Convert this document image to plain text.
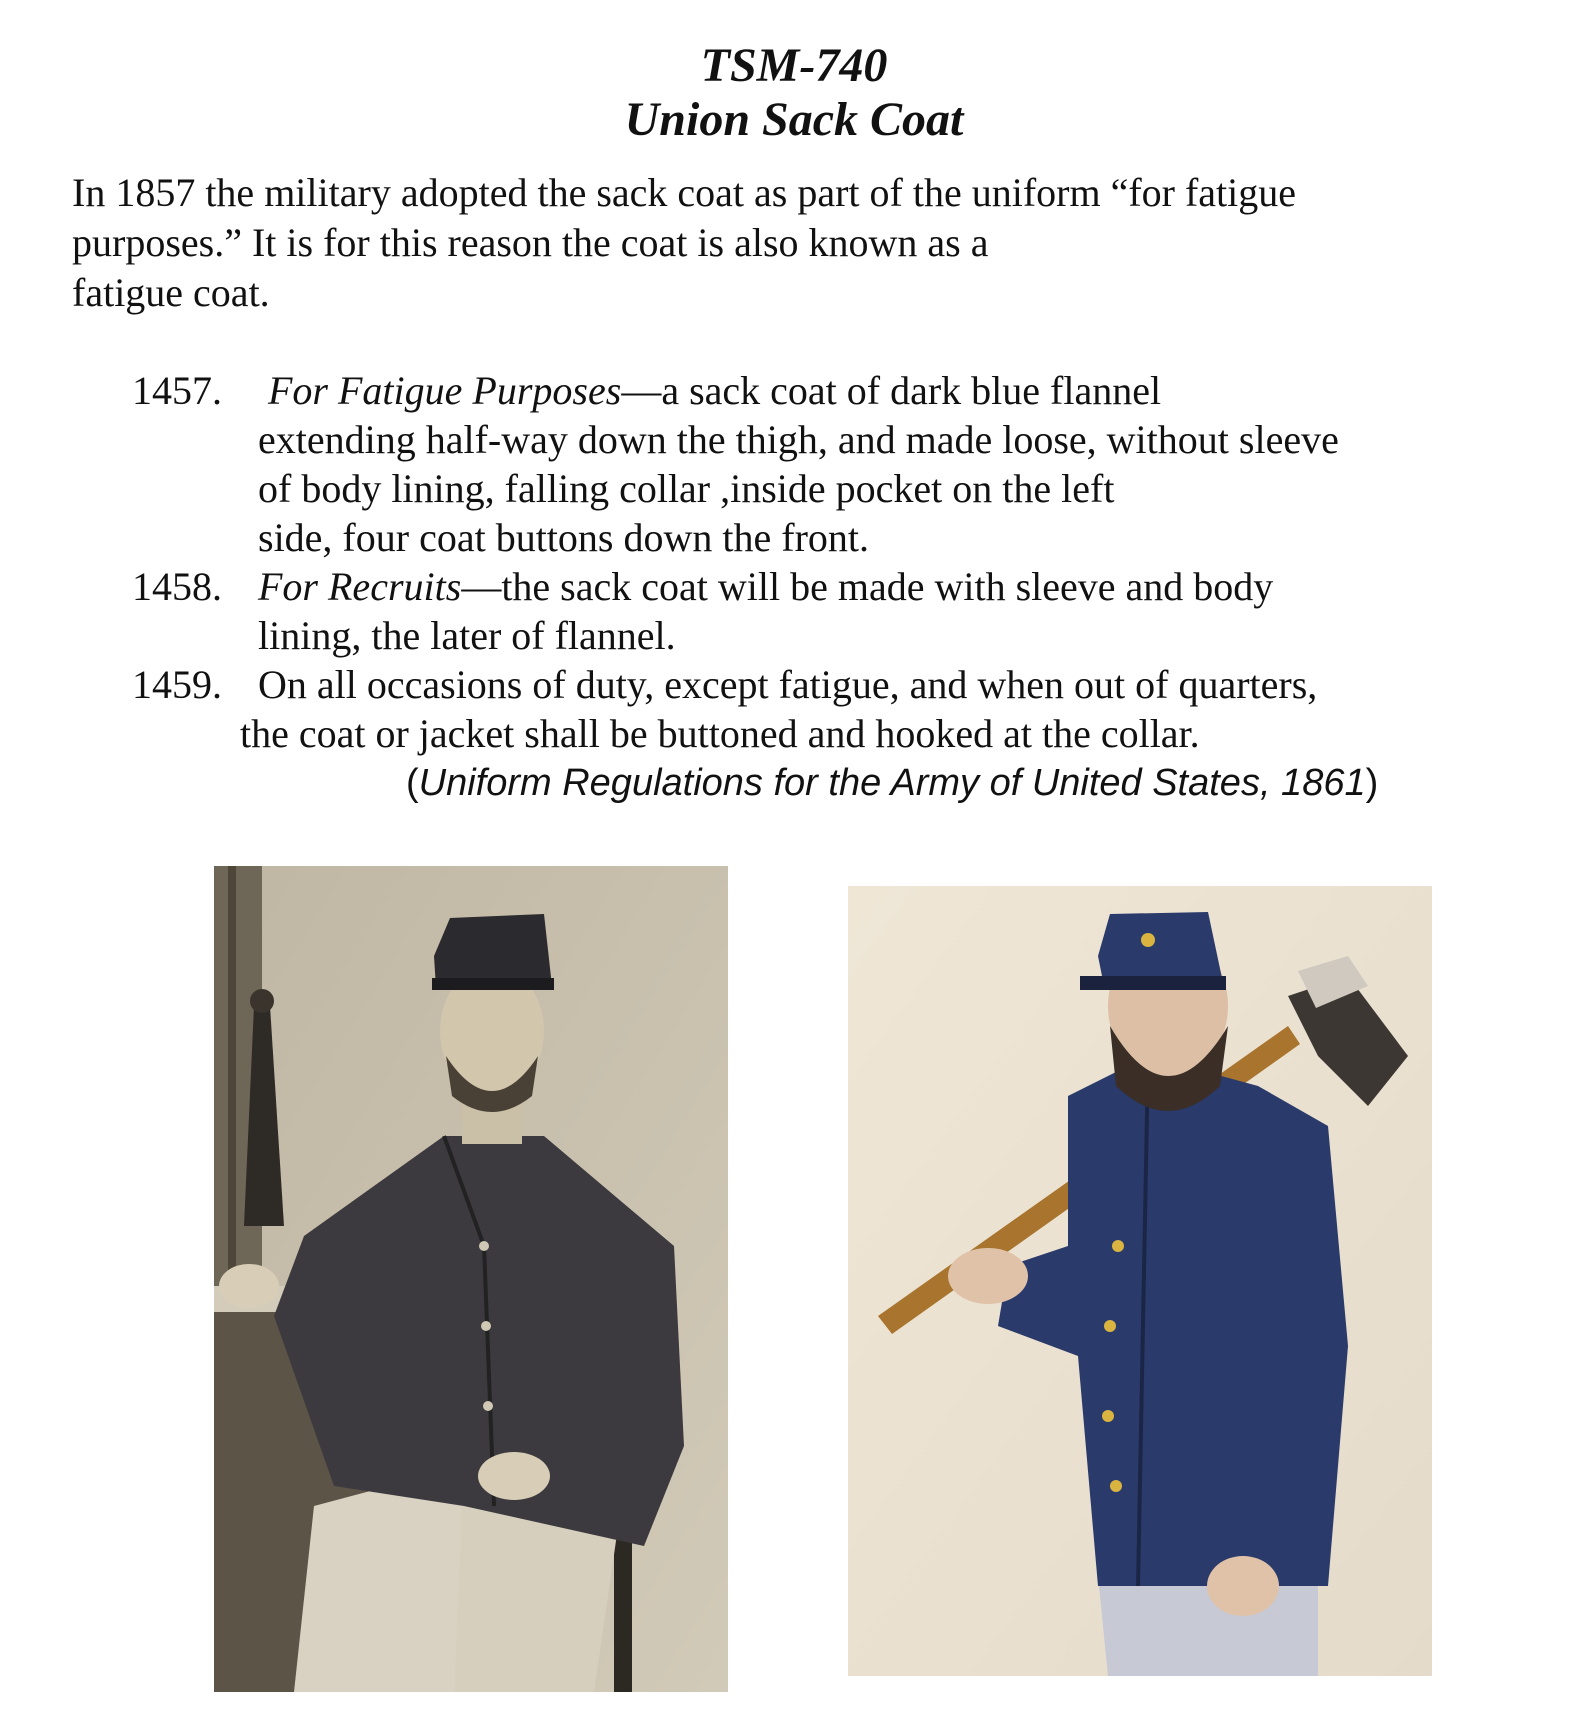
TSM-740
Union Sack Coat
In 1857 the military adopted the sack coat as part of the uniform “for fatigue
purposes.” It is for this reason the coat is also known as a
fatigue coat.
1457. For Fatigue Purposes—a sack coat of dark blue flannel
extending half-way down the thigh, and made loose, without sleeve
of body lining, falling collar ,inside pocket on the left
side, four coat buttons down the front.
1458. For Recruits—the sack coat will be made with sleeve and body
lining, the later of flannel.
1459. On all occasions of duty, except fatigue, and when out of quarters,
the coat or jacket shall be buttoned and hooked at the collar.
(Uniform Regulations for the Army of United States, 1861)
